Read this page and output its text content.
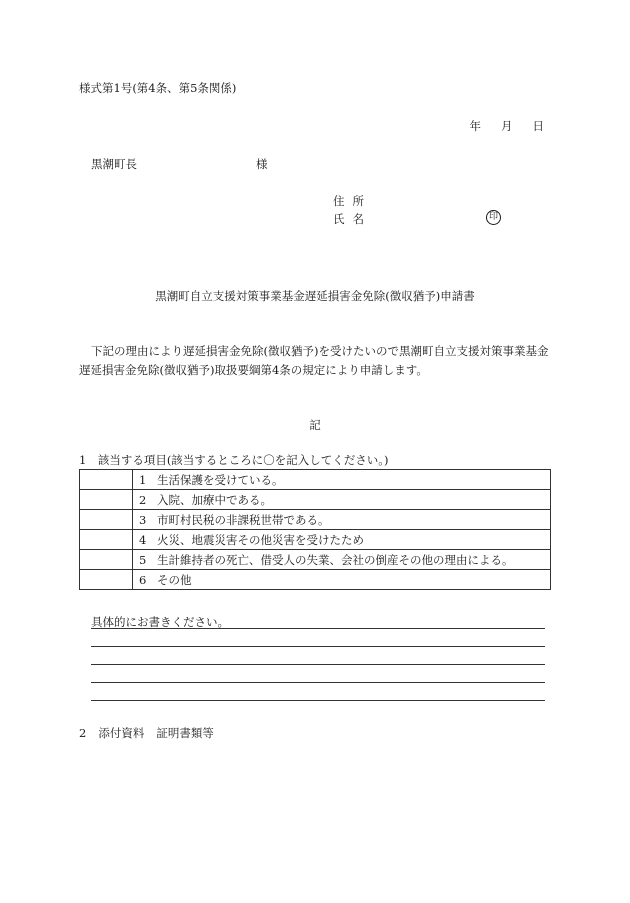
様式第1号(第4条、第5条関係)
年 月 日
黒潮町長	様
住所
氏名	印
黒潮町自立支援対策事業基金遅延損害金免除(徴収猶予)申請書
下記の理由により遅延損害金免除(徴収猶予)を受けたいので黒潮町自立支援対策事業基金遅延損害金免除(徴収猶予)取扱要綱第4条の規定により申請します。
記
1　該当する項目(該当するところに〇を記入してください。)
	1	生活保護を受けている。
	2	入院、加療中である。
	3	市町村民税の非課税世帯である。
	4	火災、地震災害その他災害を受けたため
	5	生計維持者の死亡、借受人の失業、会社の倒産その他の理由による。
	6	その他
具体的にお書きください。
2 添付資料 証明書類等
